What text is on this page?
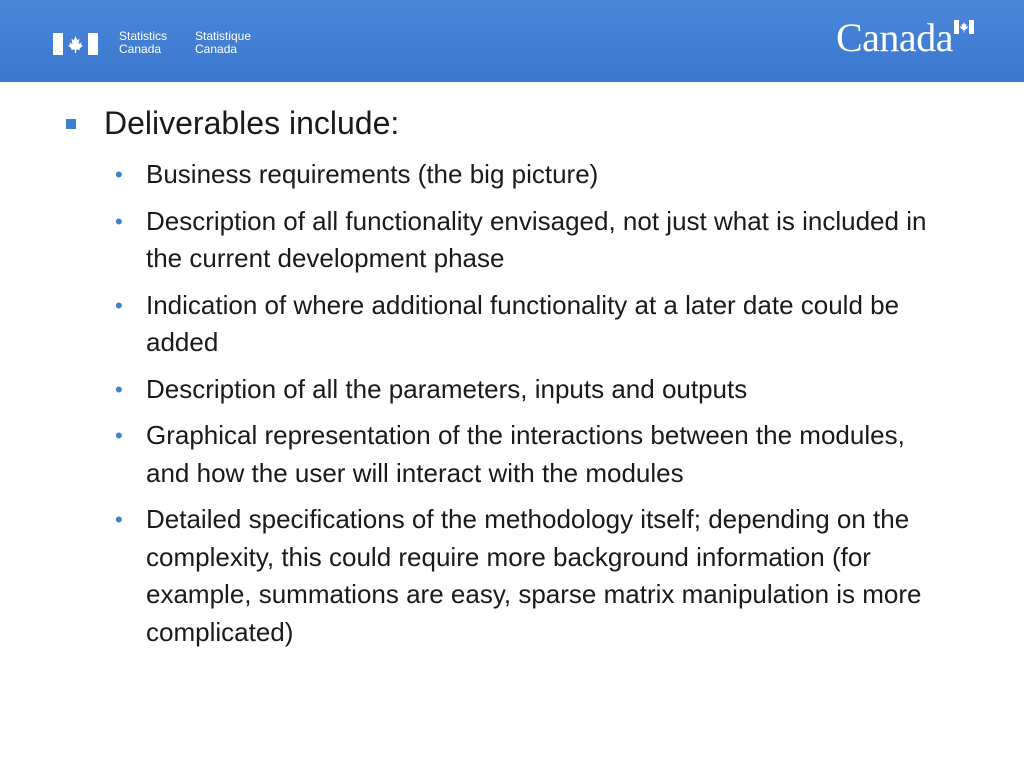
Statistics
Canada
Statistique
Canada	Canada
Deliverables include:
• Business requirements (the big picture)
• Description of all functionality envisaged, not just what is included in the current development phase
• Indication of where additional functionality at a later date could be added
• Description of all the parameters, inputs and outputs
• Graphical representation of the interactions between the modules, and how the user will interact with the modules
• Detailed specifications of the methodology itself; depending on the complexity, this could require more background information (for example, summations are easy, sparse matrix manipulation is more complicated)
